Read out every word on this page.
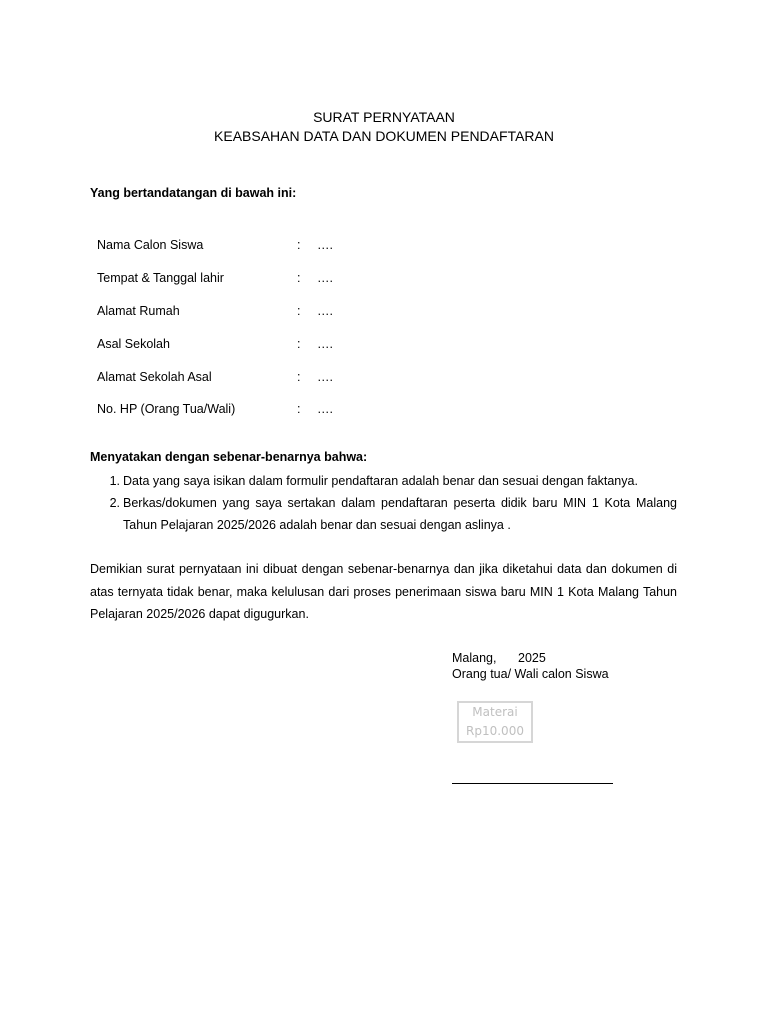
SURAT PERNYATAAN
KEABSAHAN DATA DAN DOKUMEN PENDAFTARAN
Yang bertandatangan di bawah ini:
Nama Calon Siswa	:	….
Tempat & Tanggal lahir	:	….
Alamat Rumah	:	….
Asal Sekolah	:	….
Alamat Sekolah Asal	:	….
No. HP (Orang Tua/Wali)	:	….
Menyatakan dengan sebenar-benarnya bahwa:
1. Data yang saya isikan dalam formulir pendaftaran adalah benar dan sesuai dengan faktanya.
2. Berkas/dokumen yang saya sertakan dalam pendaftaran peserta didik baru MIN 1 Kota Malang Tahun Pelajaran 2025/2026 adalah benar dan sesuai dengan aslinya .
Demikian surat pernyataan ini dibuat dengan sebenar-benarnya dan jika diketahui data dan dokumen di atas ternyata tidak benar, maka kelulusan dari proses penerimaan siswa baru MIN 1 Kota Malang Tahun Pelajaran 2025/2026 dapat digugurkan.
Malang, 2025
Orang tua/ Wali calon Siswa
Materai
Rp10.000
